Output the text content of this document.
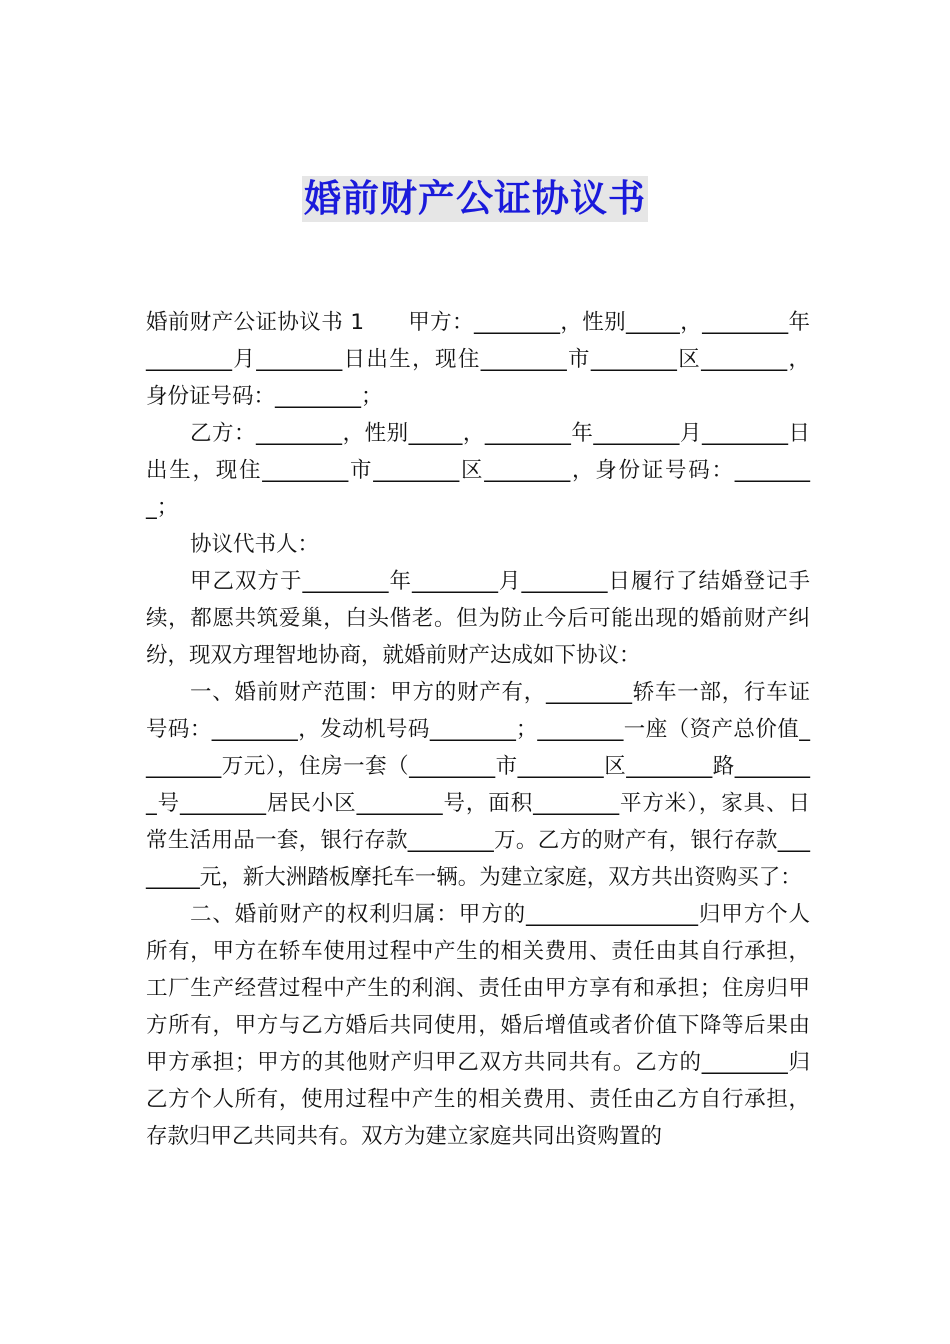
婚前财产公证协议书

婚前财产公证协议书 1　　甲方：________，性别_____，________年________月________日出生，现住________市________区________，身份证号码：________；

乙方：________，性别_____，________年________月________日出生，现住________市________区________，身份证号码：________；

协议代书人：

甲乙双方于________年________月________日履行了结婚登记手续，都愿共筑爱巢，白头偕老。但为防止今后可能出现的婚前财产纠纷，现双方理智地协商，就婚前财产达成如下协议：

一、婚前财产范围：甲方的财产有，________轿车一部，行车证号码：________，发动机号码________；________一座（资产总价值________万元），住房一套（________市________区________路________号________居民小区________号，面积________平方米），家具、日常生活用品一套，银行存款________万。乙方的财产有，银行存款________元，新大洲踏板摩托车一辆。为建立家庭，双方共出资购买了：

二、婚前财产的权利归属：甲方的________________归甲方个人所有，甲方在轿车使用过程中产生的相关费用、责任由其自行承担，工厂生产经营过程中产生的利润、责任由甲方享有和承担；住房归甲方所有，甲方与乙方婚后共同使用，婚后增值或者价值下降等后果由甲方承担；甲方的其他财产归甲乙双方共同共有。乙方的________归乙方个人所有，使用过程中产生的相关费用、责任由乙方自行承担，存款归甲乙共同共有。双方为建立家庭共同出资购置的
